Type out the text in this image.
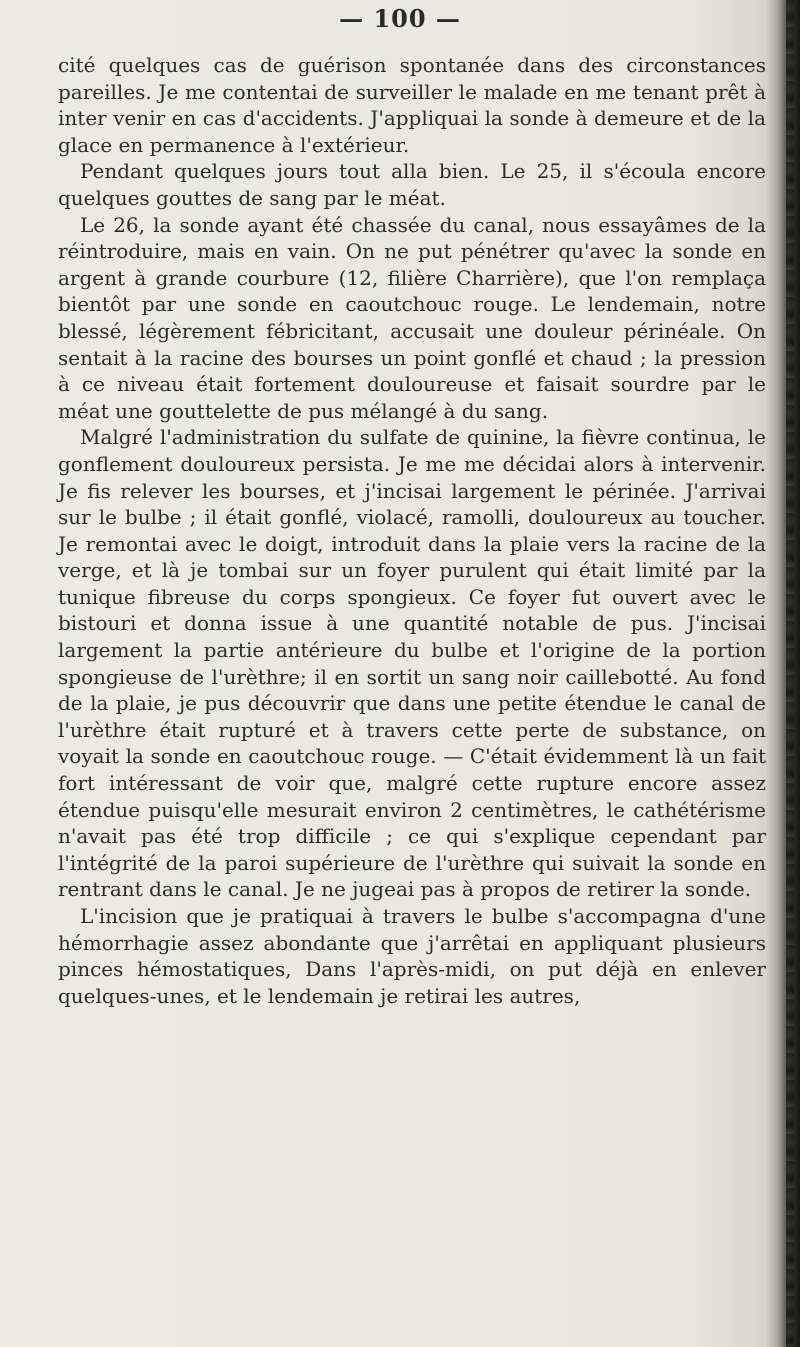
— 100 —

cité quelques cas de guérison spontanée dans des circonstances pareilles. Je me contentai de surveiller le malade en me tenant prêt à inter venir en cas d'accidents. J'appliquai la sonde à demeure et de la glace en permanence à l'extérieur.

Pendant quelques jours tout alla bien. Le 25, il s'écoula encore quelques gouttes de sang par le méat.

Le 26, la sonde ayant été chassée du canal, nous essayâmes de la réintroduire, mais en vain. On ne put pénétrer qu'avec la sonde en argent à grande courbure (12, filière Charrière), que l'on remplaça bientôt par une sonde en caoutchouc rouge. Le lendemain, notre blessé, légèrement fébricitant, accusait une douleur périnéale. On sentait à la racine des bourses un point gonflé et chaud ; la pression à ce niveau était fortement douloureuse et faisait sourdre par le méat une gouttelette de pus mélangé à du sang.

Malgré l'administration du sulfate de quinine, la fièvre continua, le gonflement douloureux persista. Je me me décidai alors à intervenir. Je fis relever les bourses, et j'incisai largement le périnée. J'arrivai sur le bulbe ; il était gonflé, violacé, ramolli, douloureux au toucher. Je remontai avec le doigt, introduit dans la plaie vers la racine de la verge, et là je tombai sur un foyer purulent qui était limité par la tunique fibreuse du corps spongieux. Ce foyer fut ouvert avec le bistouri et donna issue à une quantité notable de pus. J'incisai largement la partie antérieure du bulbe et l'origine de la portion spongieuse de l'urèthre; il en sortit un sang noir caillebotté. Au fond de la plaie, je pus découvrir que dans une petite étendue le canal de l'urèthre était rupturé et à travers cette perte de substance, on voyait la sonde en caoutchouc rouge. — C'était évidemment là un fait fort intéressant de voir que, malgré cette rupture encore assez étendue puisqu'elle mesurait environ 2 centimètres, le cathétérisme n'avait pas été trop difficile ; ce qui s'explique cependant par l'intégrité de la paroi supérieure de l'urèthre qui suivait la sonde en rentrant dans le canal. Je ne jugeai pas à propos de retirer la sonde.

L'incision que je pratiquai à travers le bulbe s'accompagna d'une hémorrhagie assez abondante que j'arrêtai en appliquant plusieurs pinces hémostatiques, Dans l'après-midi, on put déjà en enlever quelques-unes, et le lendemain je retirai les autres,
